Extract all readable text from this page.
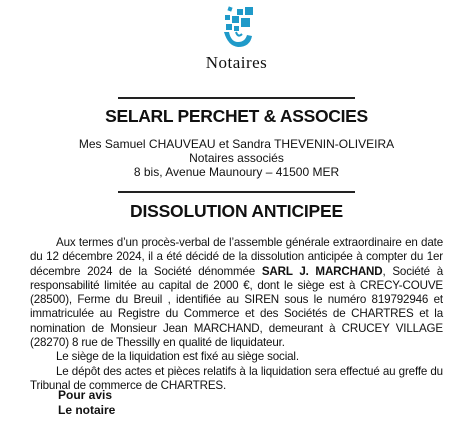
Notaires
SELARL PERCHET & ASSOCIES
Mes Samuel CHAUVEAU et Sandra THEVENIN-OLIVEIRA
Notaires associés
8 bis, Avenue Maunoury – 41500 MER
DISSOLUTION ANTICIPEE

Aux termes d’un procès-verbal de l’assemble générale extraordinaire en date du 12 décembre 2024, il a été décidé de la dissolution anticipée à compter du 1er décembre 2024 de la Société dénommée SARL J. MARCHAND, Société à responsabilité limitée au capital de 2000 €, dont le siège est à CRECY-COUVE (28500), Ferme du Breuil , identifiée au SIREN sous le numéro 819792946 et immatriculée au Registre du Commerce et des Sociétés de CHARTRES et la nomination de Monsieur Jean MARCHAND, demeurant à CRUCEY VILLAGE (28270) 8 rue de Thessilly en qualité de liquidateur.

Le siège de la liquidation est fixé au siège social.

Le dépôt des actes et pièces relatifs à la liquidation sera effectué au greffe du Tribunal de commerce de CHARTRES.

Pour avis
Le notaire
